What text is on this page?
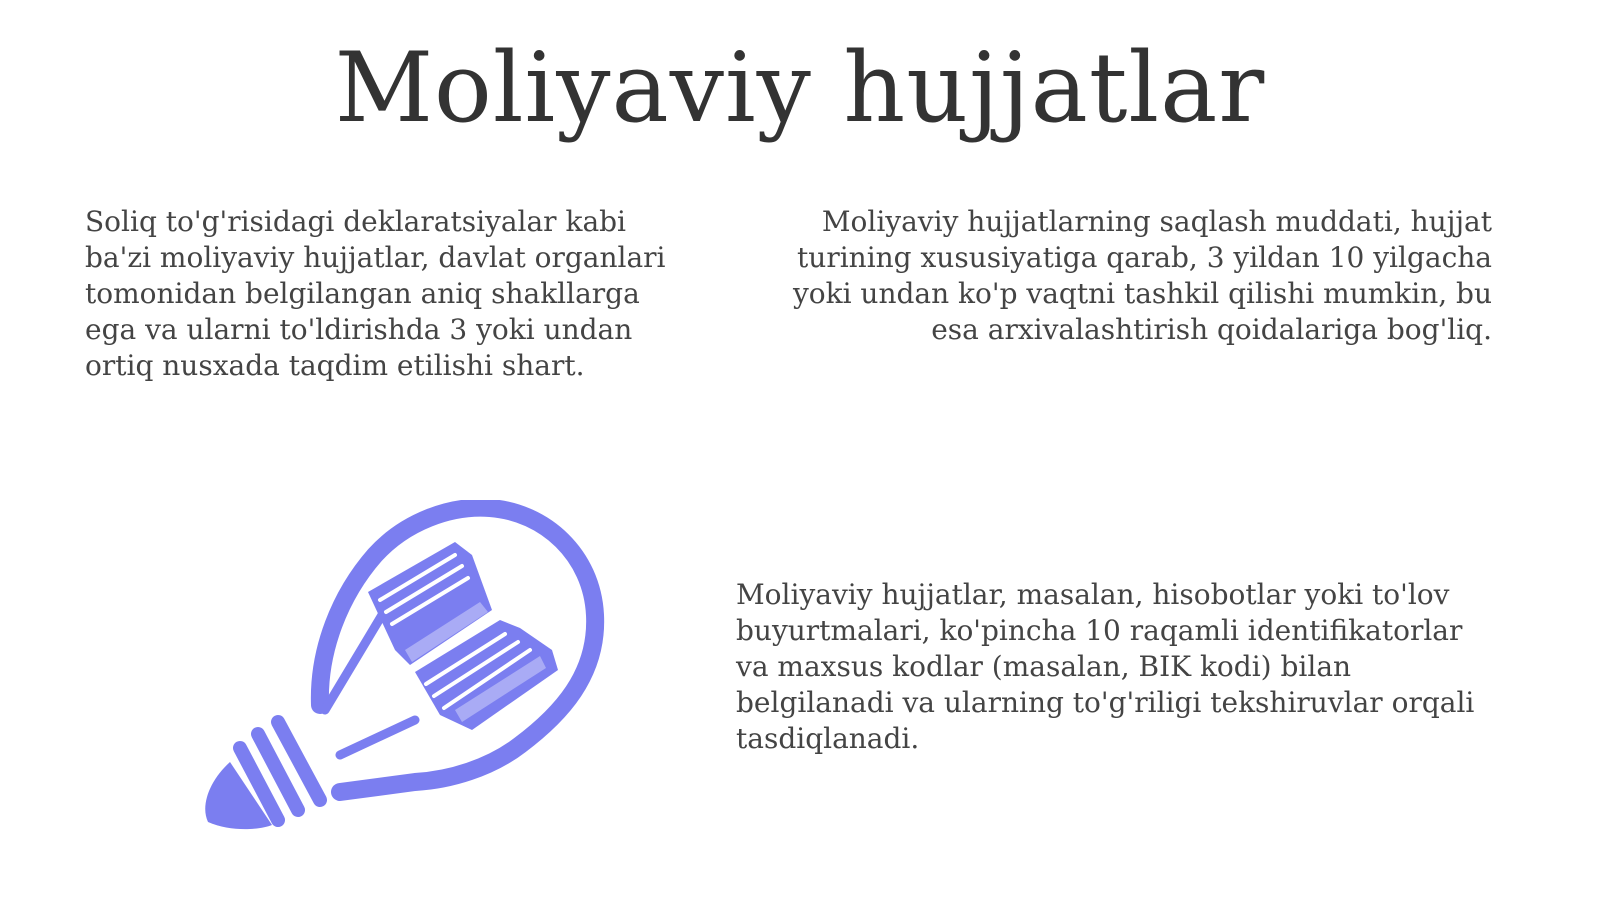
Moliyaviy hujjatlar

Soliq to'g'risidagi deklaratsiyalar kabi
ba'zi moliyaviy hujjatlar, davlat organlari
tomonidan belgilangan aniq shakllarga
ega va ularni to'ldirishda 3 yoki undan
ortiq nusxada taqdim etilishi shart.

Moliyaviy hujjatlarning saqlash muddati, hujjat
turining xususiyatiga qarab, 3 yildan 10 yilgacha
yoki undan ko'p vaqtni tashkil qilishi mumkin, bu
esa arxivalashtirish qoidalariga bog'liq.

Moliyaviy hujjatlar, masalan, hisobotlar yoki to'lov
buyurtmalari, ko'pincha 10 raqamli identifikatorlar
va maxsus kodlar (masalan, BIK kodi) bilan
belgilanadi va ularning to'g'riligi tekshiruvlar orqali
tasdiqlanadi.
